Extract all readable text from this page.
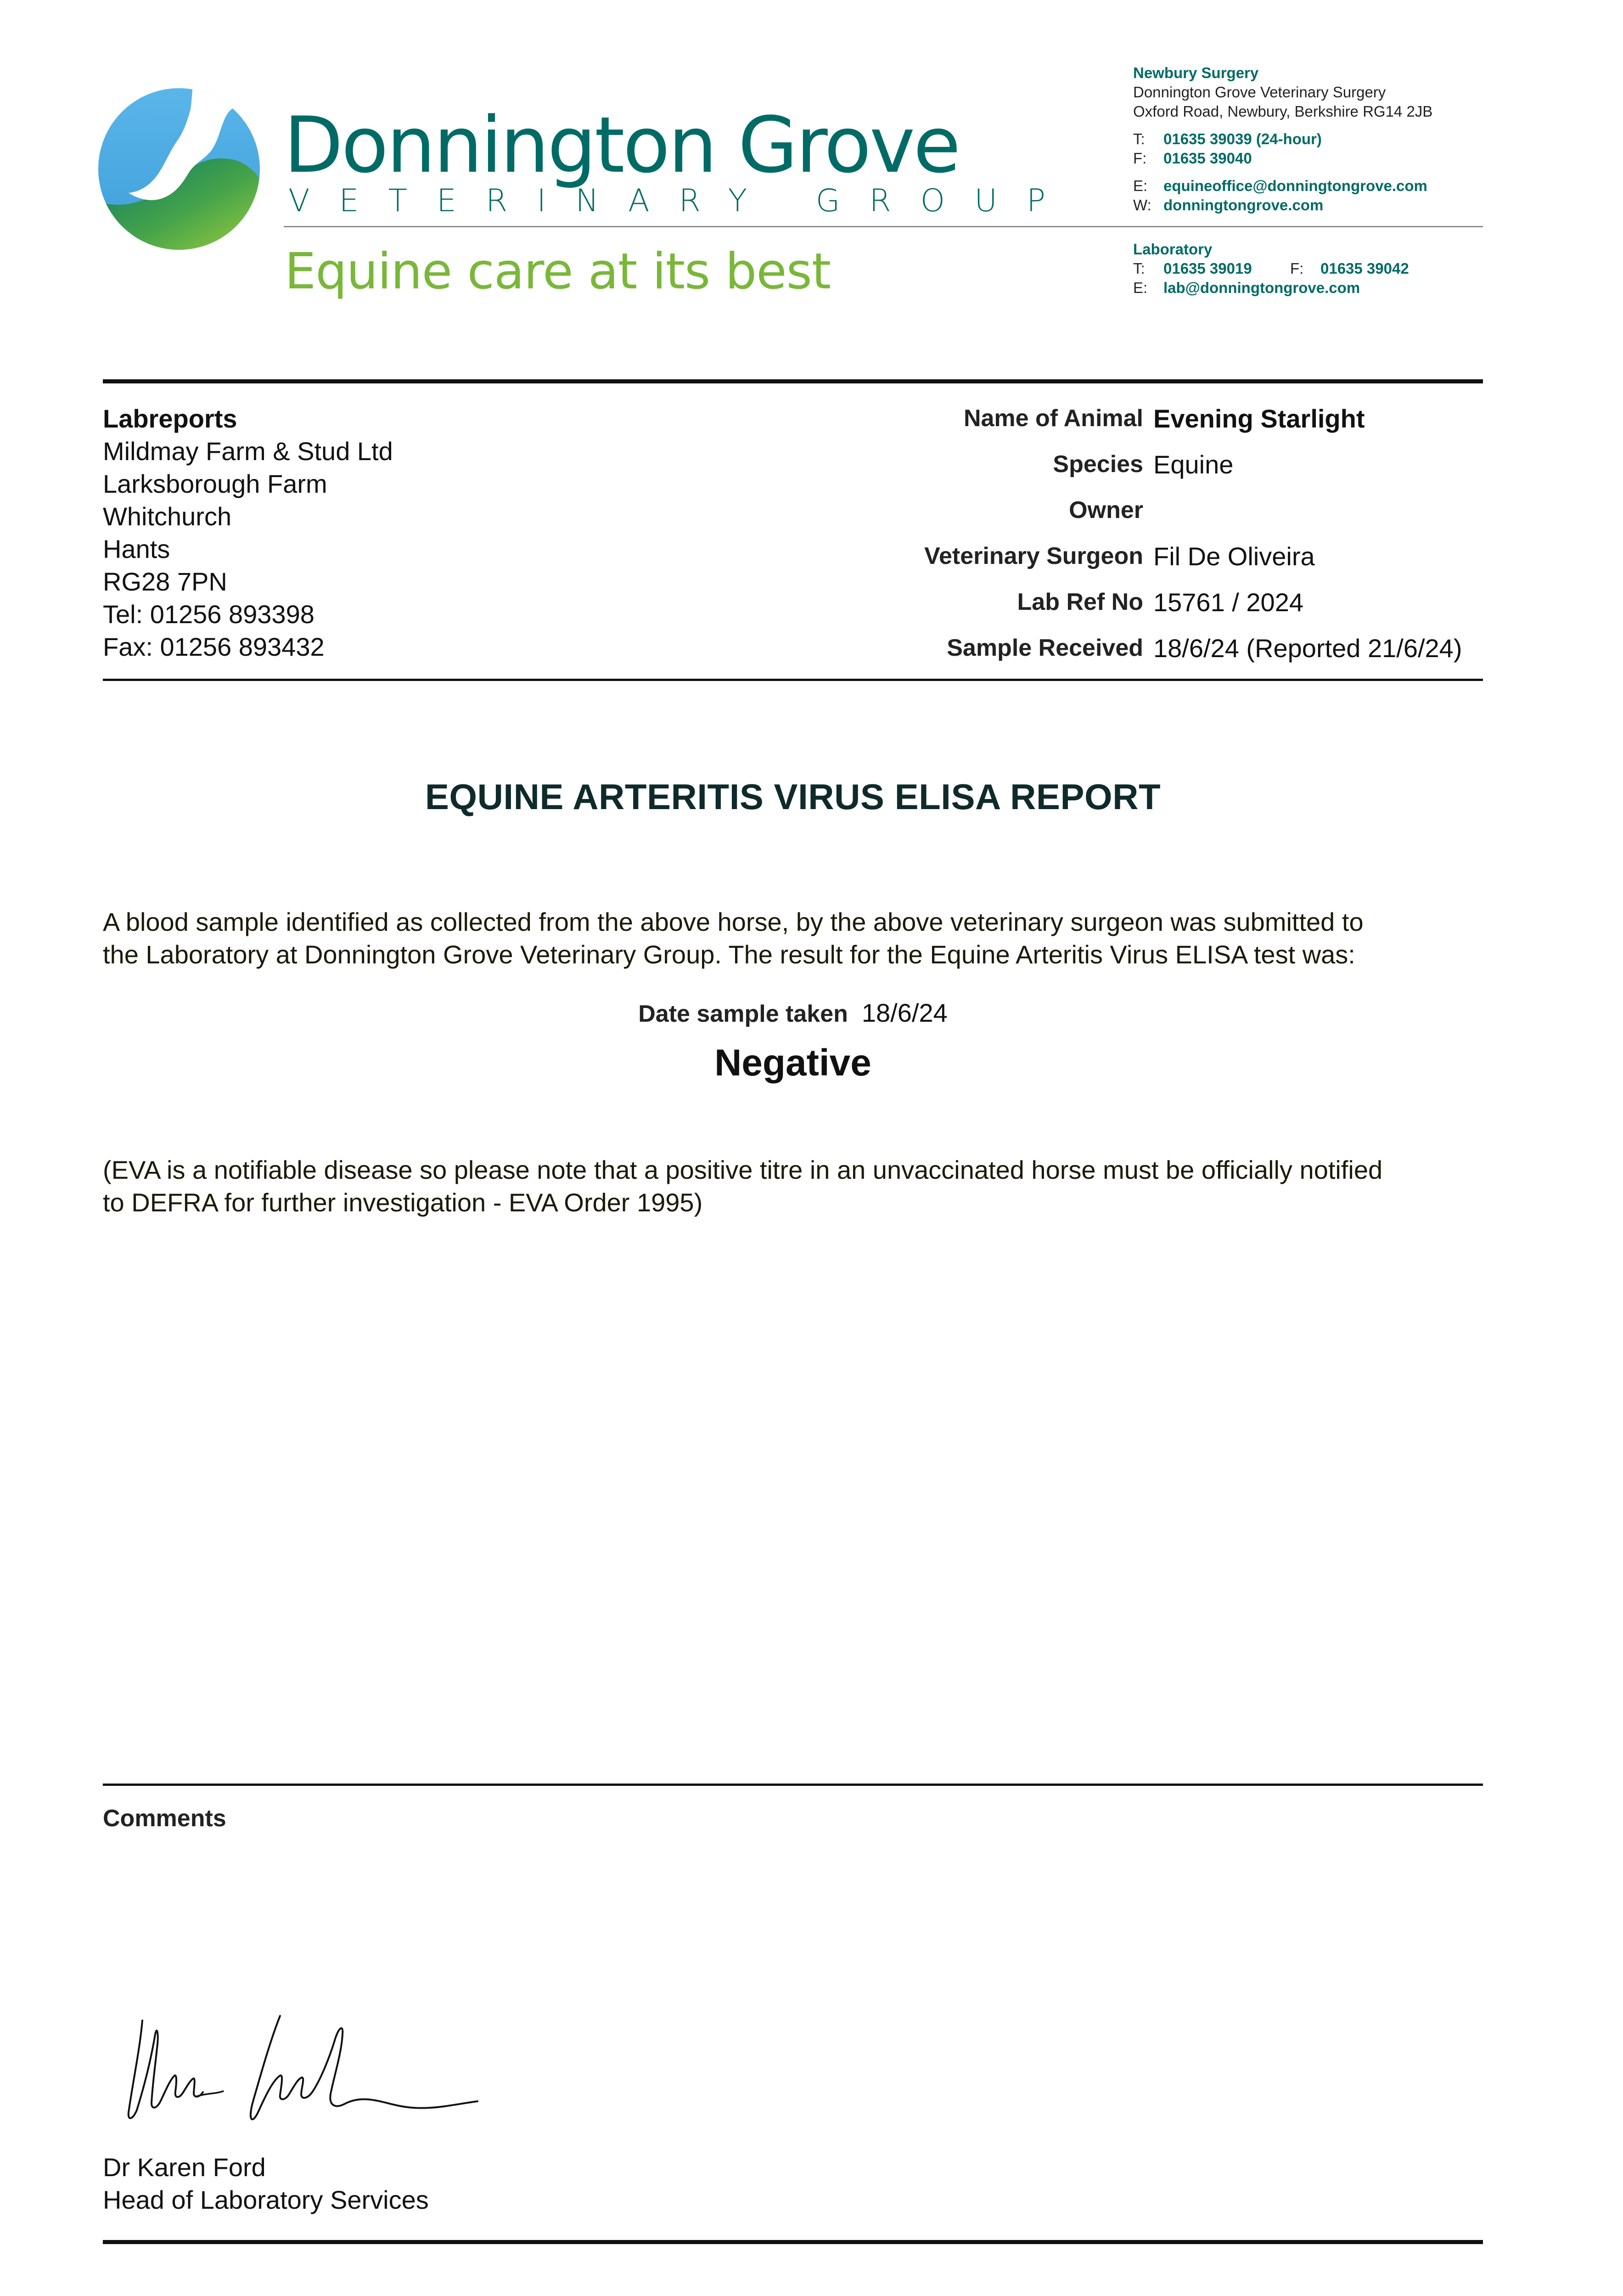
Donnington Grove
VETERINARY GROUP
Equine care at its best
Newbury Surgery
Donnington Grove Veterinary Surgery
Oxford Road, Newbury, Berkshire RG14 2JB
T: 01635 39039 (24-hour)
F: 01635 39040
E: equineoffice@donningtongrove.com
W: donningtongrove.com
Laboratory
T: 01635 39019	F: 01635 39042
E: lab@donningtongrove.com
Labreports
Mildmay Farm & Stud Ltd
Larksborough Farm
Whitchurch
Hants
RG28 7PN
Tel: 01256 893398
Fax: 01256 893432
Name of Animal Evening Starlight
Species Equine
Owner
Veterinary Surgeon Fil De Oliveira
Lab Ref No 15761 / 2024
Sample Received 18/6/24 (Reported 21/6/24)
EQUINE ARTERITIS VIRUS ELISA REPORT
A blood sample identified as collected from the above horse, by the above veterinary surgeon was submitted to
the Laboratory at Donnington Grove Veterinary Group. The result for the Equine Arteritis Virus ELISA test was:
Date sample taken 18/6/24
Negative
(EVA is a notifiable disease so please note that a positive titre in an unvaccinated horse must be officially notified
to DEFRA for further investigation - EVA Order 1995)
Comments
Dr Karen Ford
Head of Laboratory Services
